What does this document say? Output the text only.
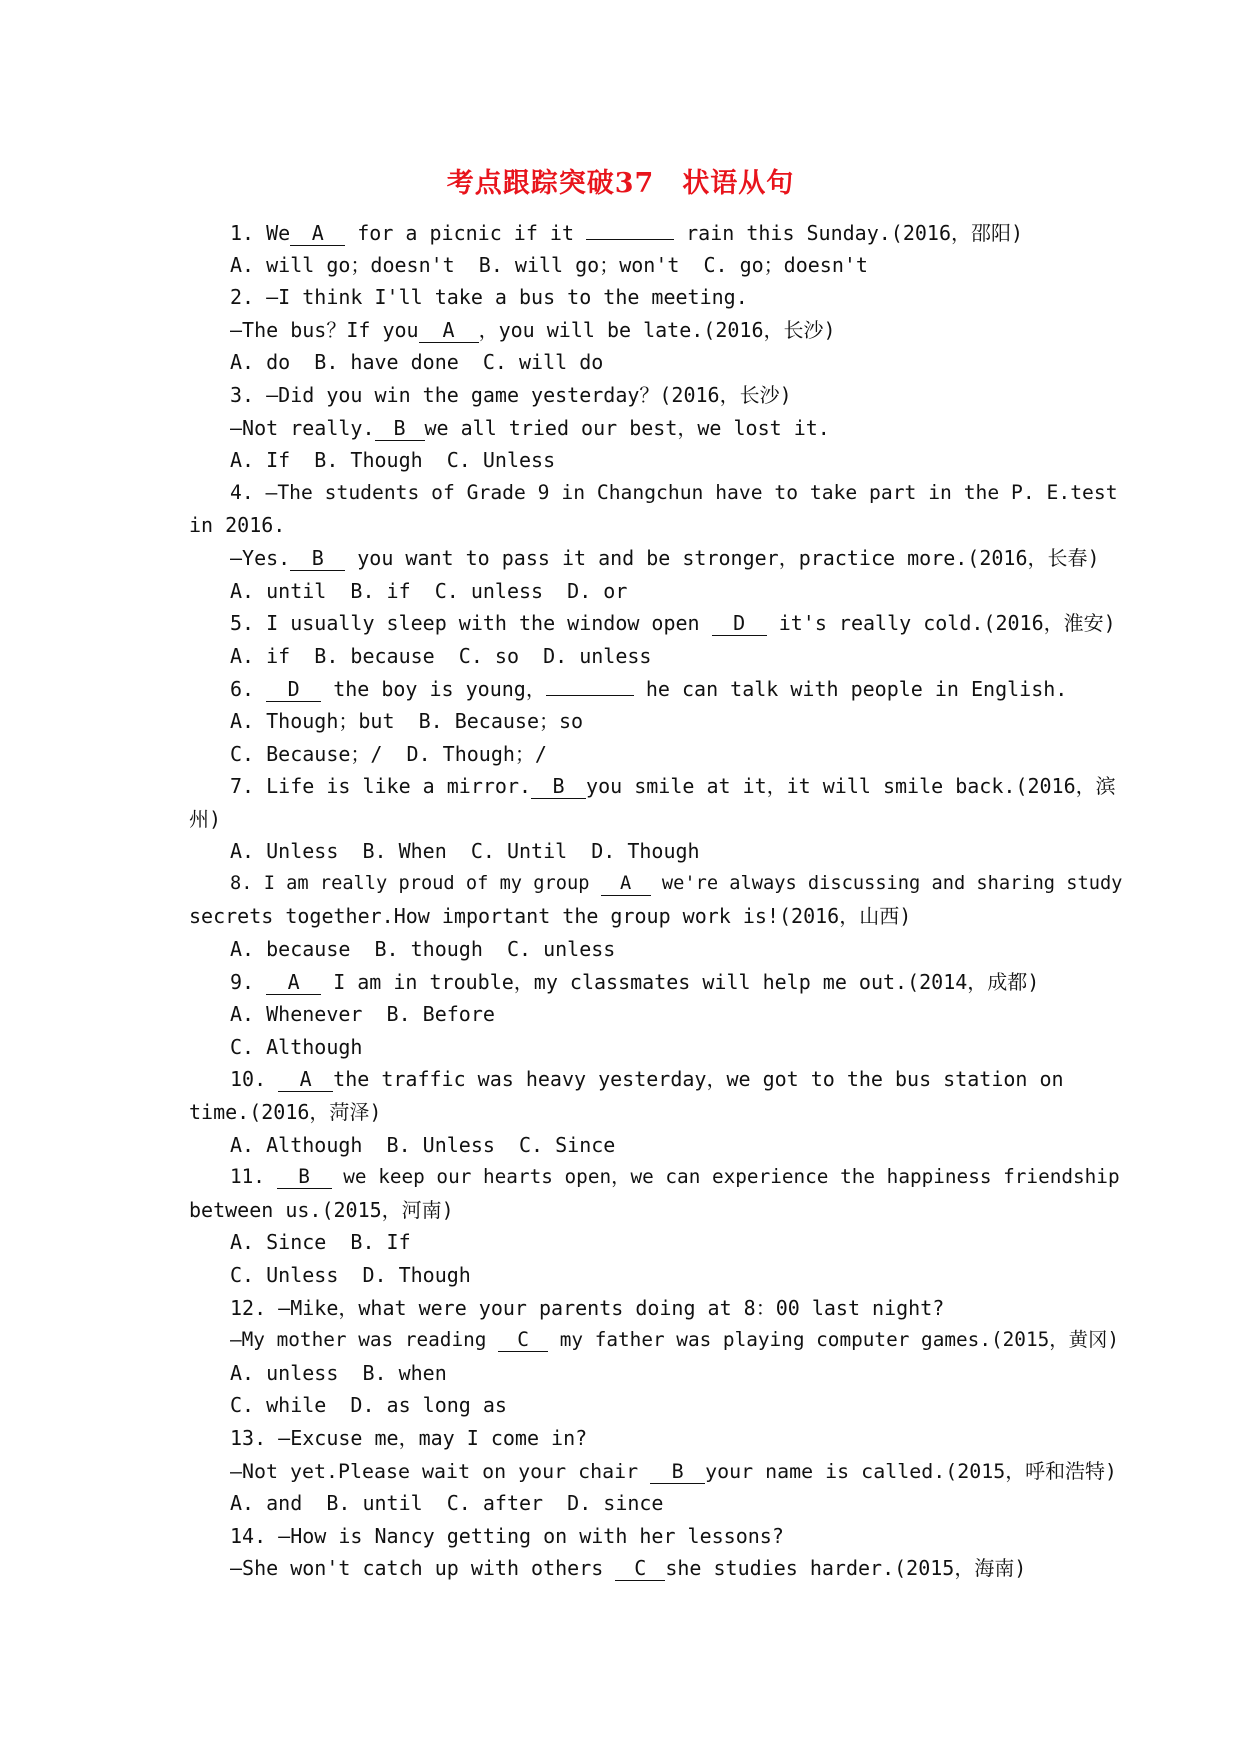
考点跟踪突破37　状语从句
1. We A for a picnic if it	rain this Sunday.(2016，邵阳)
A. will go；doesn't  B. will go；won't  C. go；doesn't
2. —I think I'll take a bus to the meeting.
—The bus？If you A ，you will be late.(2016，长沙)
A. do  B. have done  C. will do
3. —Did you win the game yesterday？(2016，长沙)
—Not really. B we all tried our best，we lost it.
A. If  B. Though  C. Unless
4. —The students of Grade 9 in Changchun have to take part in the P. E.test
in 2016.
—Yes. B you want to pass it and be stronger，practice more.(2016，长春)
A. until  B. if  C. unless  D. or
5. I usually sleep with the window open D it's really cold.(2016，淮安)
A. if  B. because  C. so  D. unless
6. D the boy is young，	he can talk with people in English.
A. Though；but  B. Because；so
C. Because；/  D. Though；/
7. Life is like a mirror. B you smile at it，it will smile back.(2016，滨
州)
A. Unless  B. When  C. Until  D. Though
8. I am really proud of my group A we're always discussing and sharing study
secrets together.How important the group work is!(2016，山西)
A. because  B. though  C. unless
9. A I am in trouble，my classmates will help me out.(2014，成都)
A. Whenever  B. Before
C. Although
10. A the traffic was heavy yesterday，we got to the bus station on
time.(2016，菏泽)
A. Although  B. Unless  C. Since
11. B we keep our hearts open，we can experience the happiness friendship
between us.(2015，河南)
A. Since  B. If
C. Unless  D. Though
12. —Mike，what were your parents doing at 8：00 last night?
—My mother was reading C my father was playing computer games.(2015，黄冈)
A. unless  B. when
C. while  D. as long as
13. —Excuse me，may I come in?
—Not yet.Please wait on your chair B your name is called.(2015，呼和浩特)
A. and  B. until  C. after  D. since
14. —How is Nancy getting on with her lessons?
—She won't catch up with others C she studies harder.(2015，海南)
